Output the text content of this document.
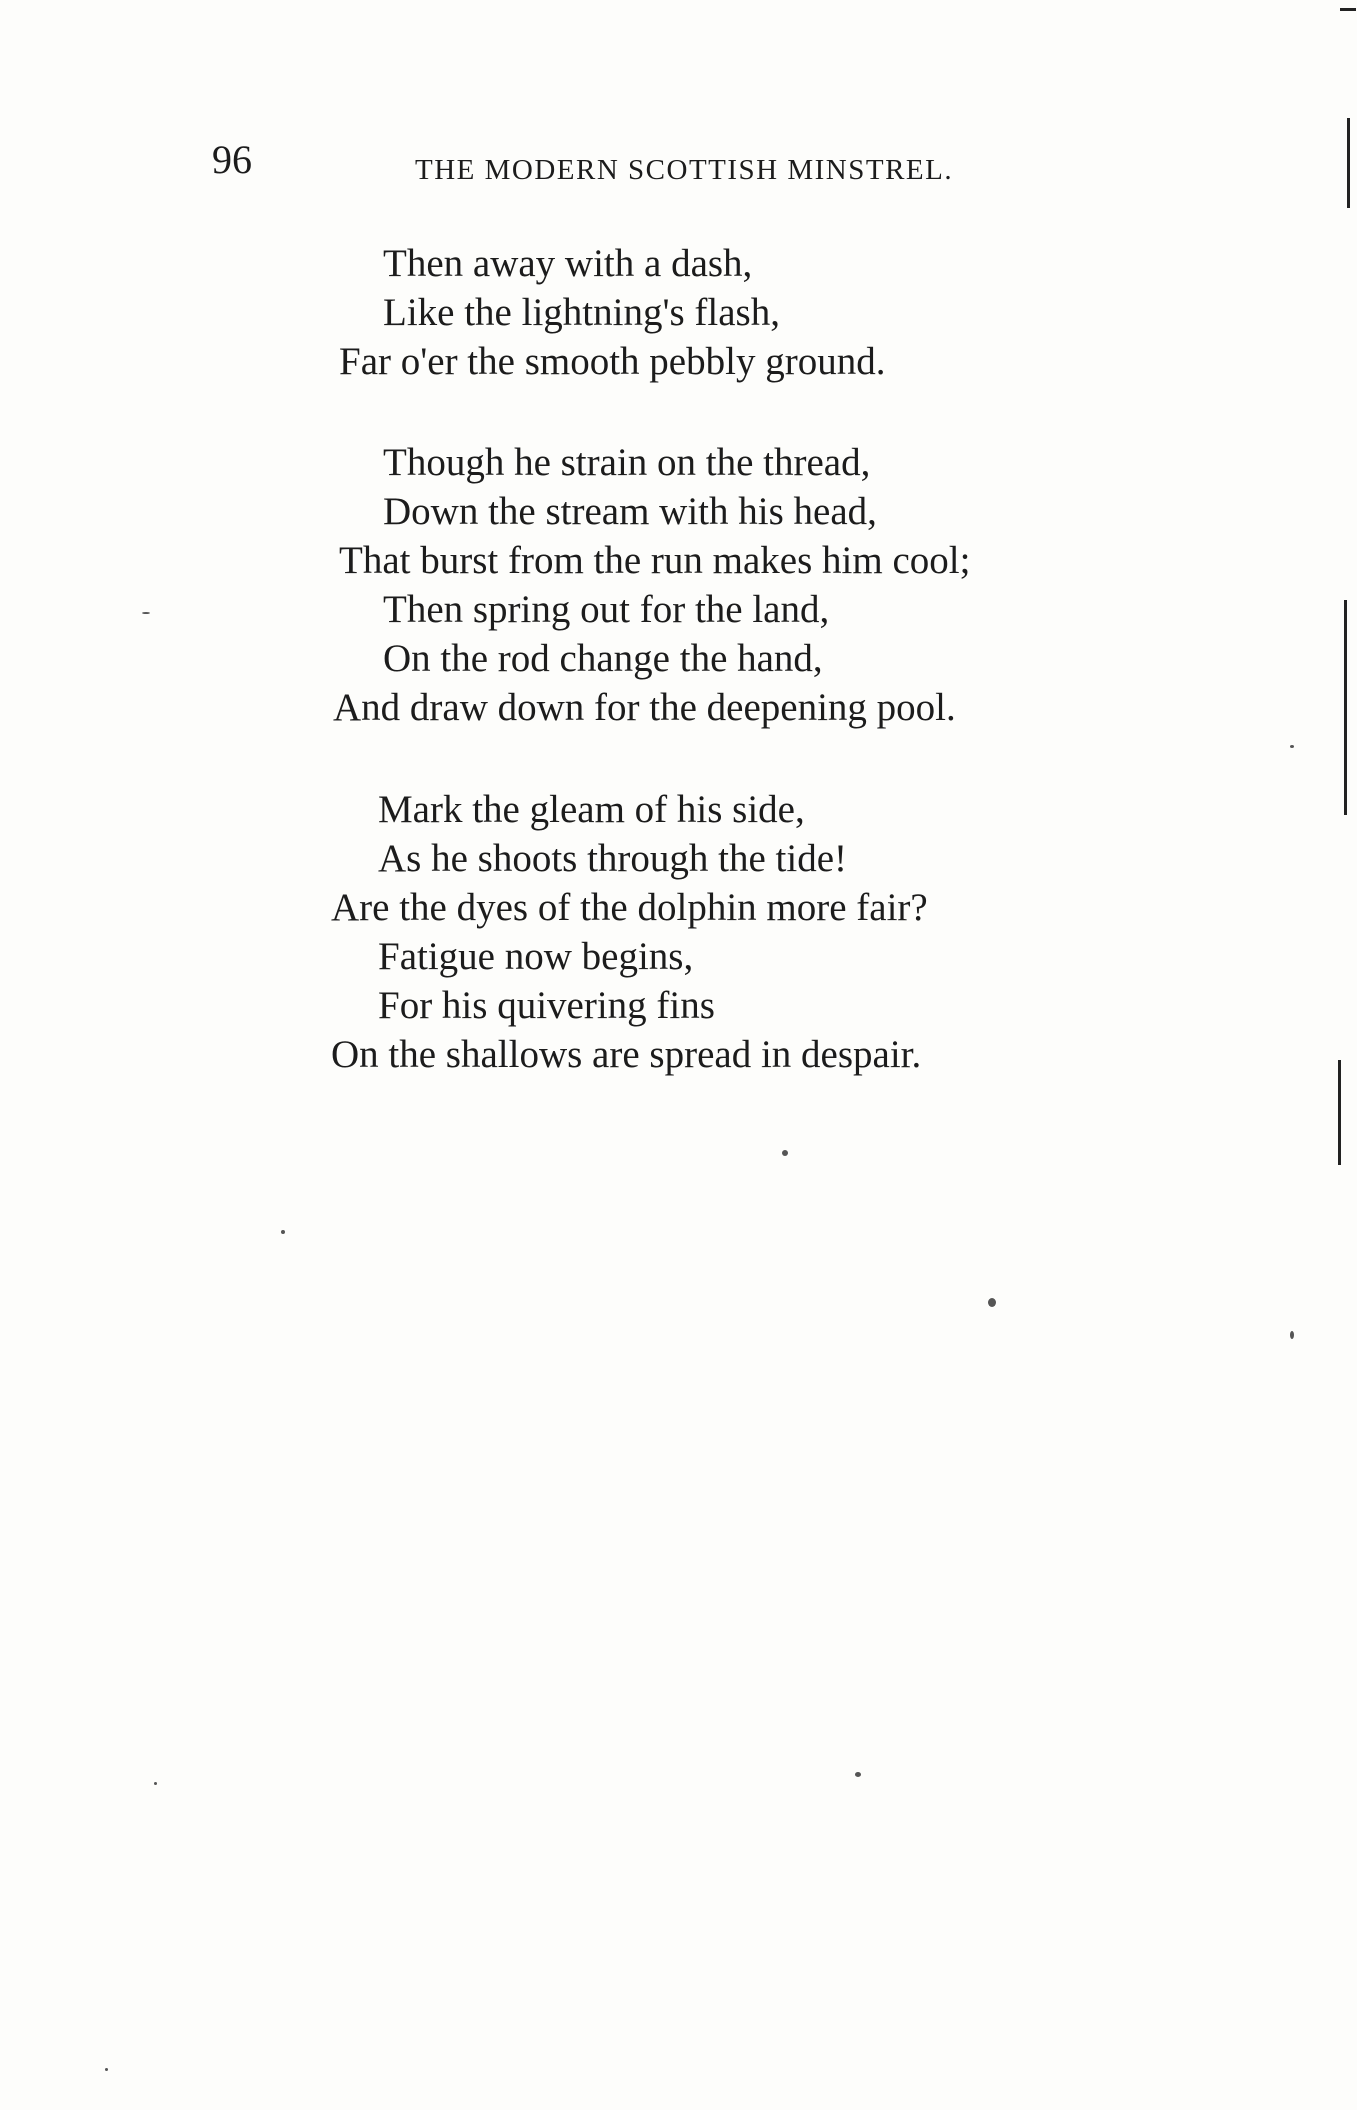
96	THE MODERN SCOTTISH MINSTREL.
Then away with a dash,
Like the lightning's flash,
Far o'er the smooth pebbly ground.
Though he strain on the thread,
Down the stream with his head,
That burst from the run makes him cool;
Then spring out for the land,
On the rod change the hand,
And draw down for the deepening pool.
Mark the gleam of his side,
As he shoots through the tide!
Are the dyes of the dolphin more fair?
Fatigue now begins,
For his quivering fins
On the shallows are spread in despair.
